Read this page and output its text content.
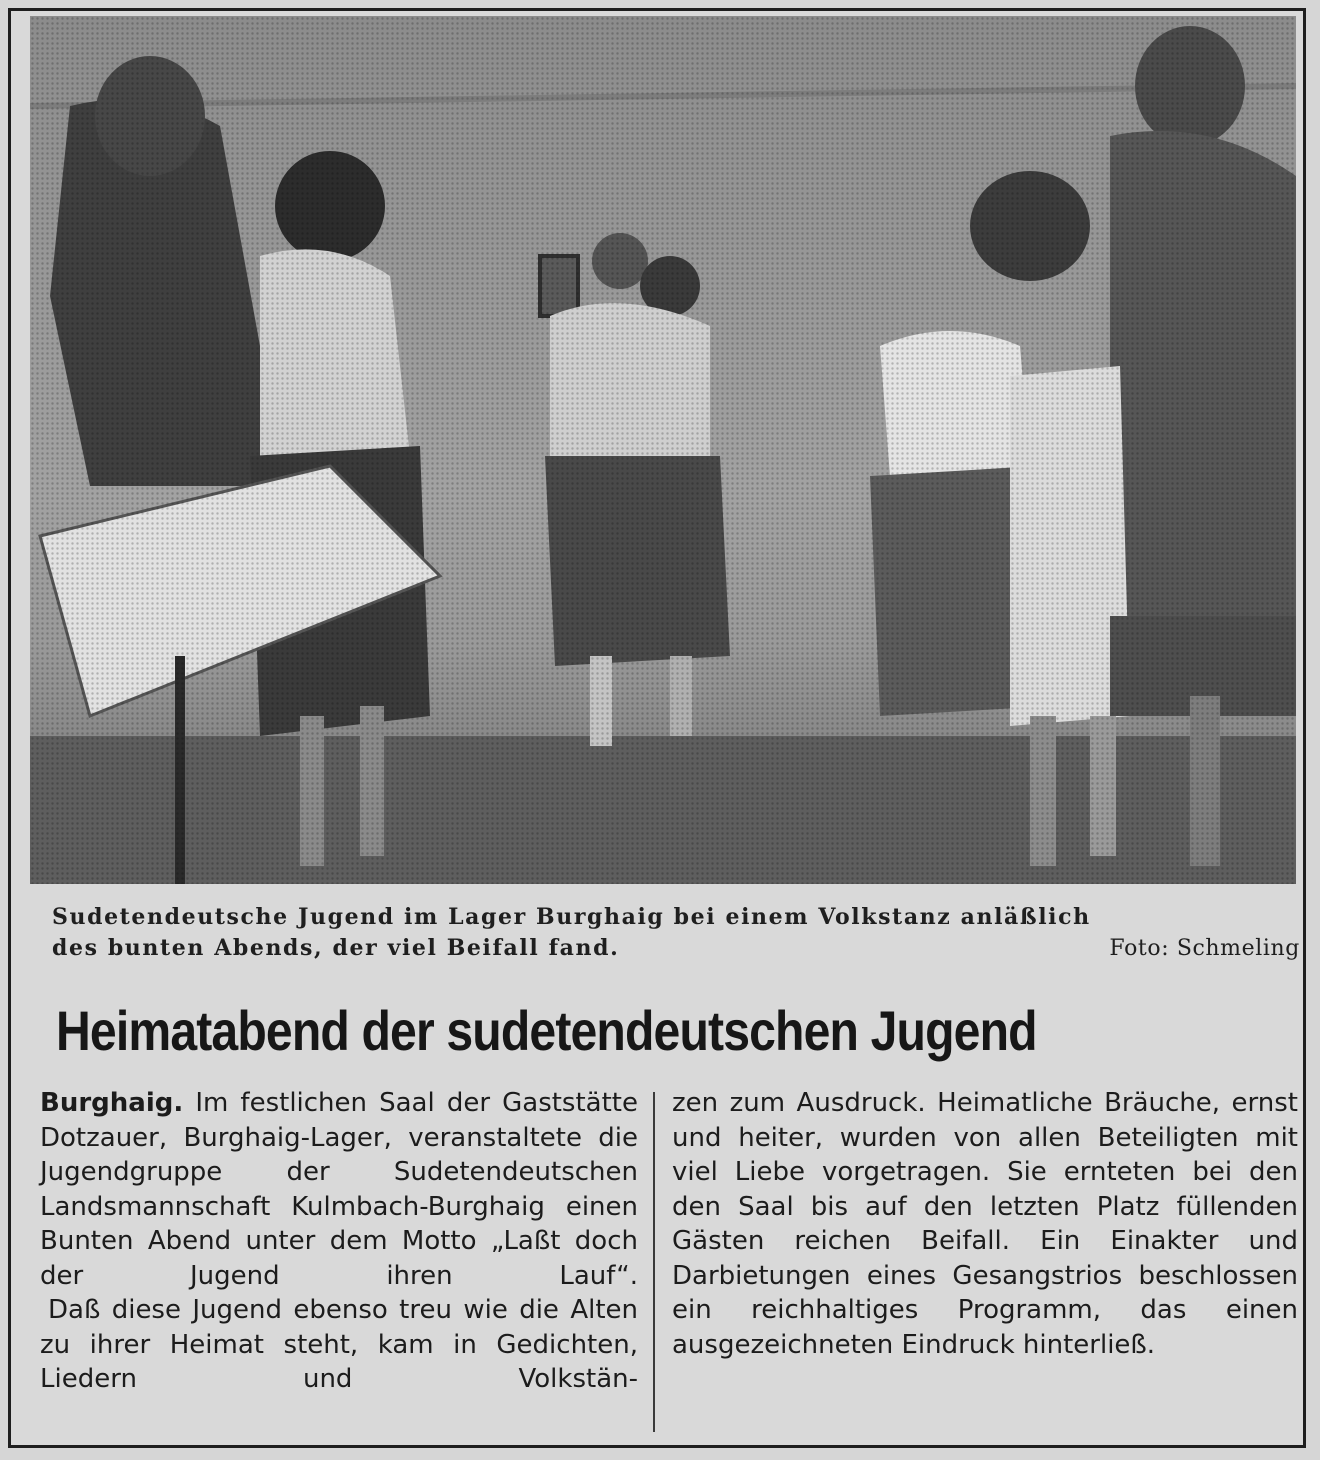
Sudetendeutsche Jugend im Lager Burghaig bei einem Volkstanz anläßlich
des bunten Abends, der viel Beifall fand.	Foto: Schmeling
Heimatabend der sudetendeutschen Jugend

Burghaig. Im festlichen Saal der Gaststätte Dotzauer, Burghaig-Lager, veranstaltete die Jugendgruppe der Sudetendeutschen Landsmannschaft Kulmbach-Burghaig einen Bunten Abend unter dem Motto „Laßt doch der Jugend ihren Lauf“.

Daß diese Jugend ebenso treu wie die Alten zu ihrer Heimat steht, kam in Gedichten, Liedern und Volkstän-

zen zum Ausdruck. Heimatliche Bräuche, ernst und heiter, wurden von allen Beteiligten mit viel Liebe vorgetragen. Sie ernteten bei den den Saal bis auf den letzten Platz füllenden Gästen reichen Beifall. Ein Einakter und Darbietungen eines Gesangstrios beschlossen ein reichhaltiges Programm, das einen ausgezeichneten Eindruck hinterließ.
